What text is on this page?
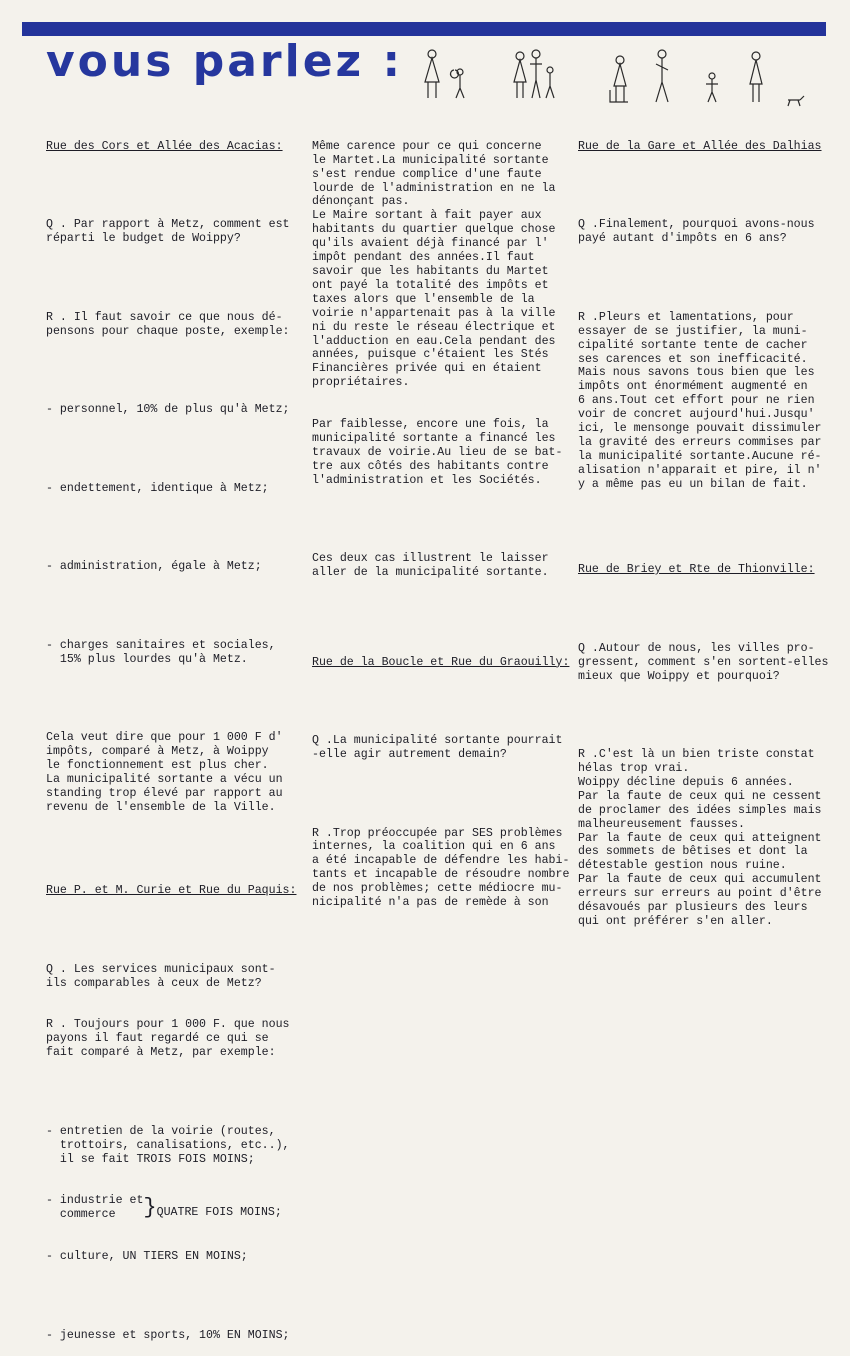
vous parlez :

Rue des Cors et Allée des Acacias:

Q . Par rapport à Metz, comment est
réparti le budget de Woippy?

R . Il faut savoir ce que nous dé-
pensons pour chaque poste, exemple:

- personnel, 10% de plus qu'à Metz;

- endettement, identique à Metz;

- administration, égale à Metz;

- charges sanitaires et sociales,
15% plus lourdes qu'à Metz.

Cela veut dire que pour 1 000 F d'
impôts, comparé à Metz, à Woippy
le fonctionnement est plus cher.
La municipalité sortante a vécu un
standing trop élevé par rapport au
revenu de l'ensemble de la Ville.

Rue P. et M. Curie et Rue du Paquis:

Q . Les services municipaux sont-
ils comparables à ceux de Metz?

R . Toujours pour 1 000 F. que nous
payons il faut regardé ce qui se
fait comparé à Metz, par exemple:

- entretien de la voirie (routes,
trottoirs, canalisations, etc..),
il se fait TROIS FOIS MOINS;

- industrie et
commerce	} QUATRE FOIS MOINS;

- culture, UN TIERS EN MOINS;

- jeunesse et sports, 10% EN MOINS;

Même carence pour ce qui concerne
le Martet.La municipalité sortante
s'est rendue complice d'une faute
lourde de l'administration en ne la
dénonçant pas.
Le Maire sortant à fait payer aux
habitants du quartier quelque chose
qu'ils avaient déjà financé par l'
impôt pendant des années.Il faut
savoir que les habitants du Martet
ont payé la totalité des impôts et
taxes alors que l'ensemble de la
voirie n'appartenait pas à la ville
ni du reste le réseau électrique et
l'adduction en eau.Cela pendant des
années, puisque c'étaient les Stés
Financières privée qui en étaient
propriétaires.

Par faiblesse, encore une fois, la
municipalité sortante a financé les
travaux de voirie.Au lieu de se bat-
tre aux côtés des habitants contre
l'administration et les Sociétés.

Ces deux cas illustrent le laisser
aller de la municipalité sortante.

Rue de la Boucle et Rue du Graouilly:

Q .La municipalité sortante pourrait
-elle agir autrement demain?

R .Trop préoccupée par SES problèmes
internes, la coalition qui en 6 ans
a été incapable de défendre les habi-
tants et incapable de résoudre nombre
de nos problèmes; cette médiocre mu-
nicipalité n'a pas de remède à son

Rue de la Gare et Allée des Dalhias

Q .Finalement, pourquoi avons-nous
payé autant d'impôts en 6 ans?

R .Pleurs et lamentations, pour
essayer de se justifier, la muni-
cipalité sortante tente de cacher
ses carences et son inefficacité.
Mais nous savons tous bien que les
impôts ont énormément augmenté en
6 ans.Tout cet effort pour ne rien
voir de concret aujourd'hui.Jusqu'
ici, le mensonge pouvait dissimuler
la gravité des erreurs commises par
la municipalité sortante.Aucune ré-
alisation n'apparait et pire, il n'
y a même pas eu un bilan de fait.

Rue de Briey et Rte de Thionville:

Q .Autour de nous, les villes pro-
gressent, comment s'en sortent-elles
mieux que Woippy et pourquoi?

R .C'est là un bien triste constat
hélas trop vrai.
Woippy décline depuis 6 années.
Par la faute de ceux qui ne cessent
de proclamer des idées simples mais
malheureusement fausses.
Par la faute de ceux qui atteignent
des sommets de bêtises et dont la
détestable gestion nous ruine.
Par la faute de ceux qui accumulent
erreurs sur erreurs au point d'être
désavoués par plusieurs des leurs
qui ont préférer s'en aller.
